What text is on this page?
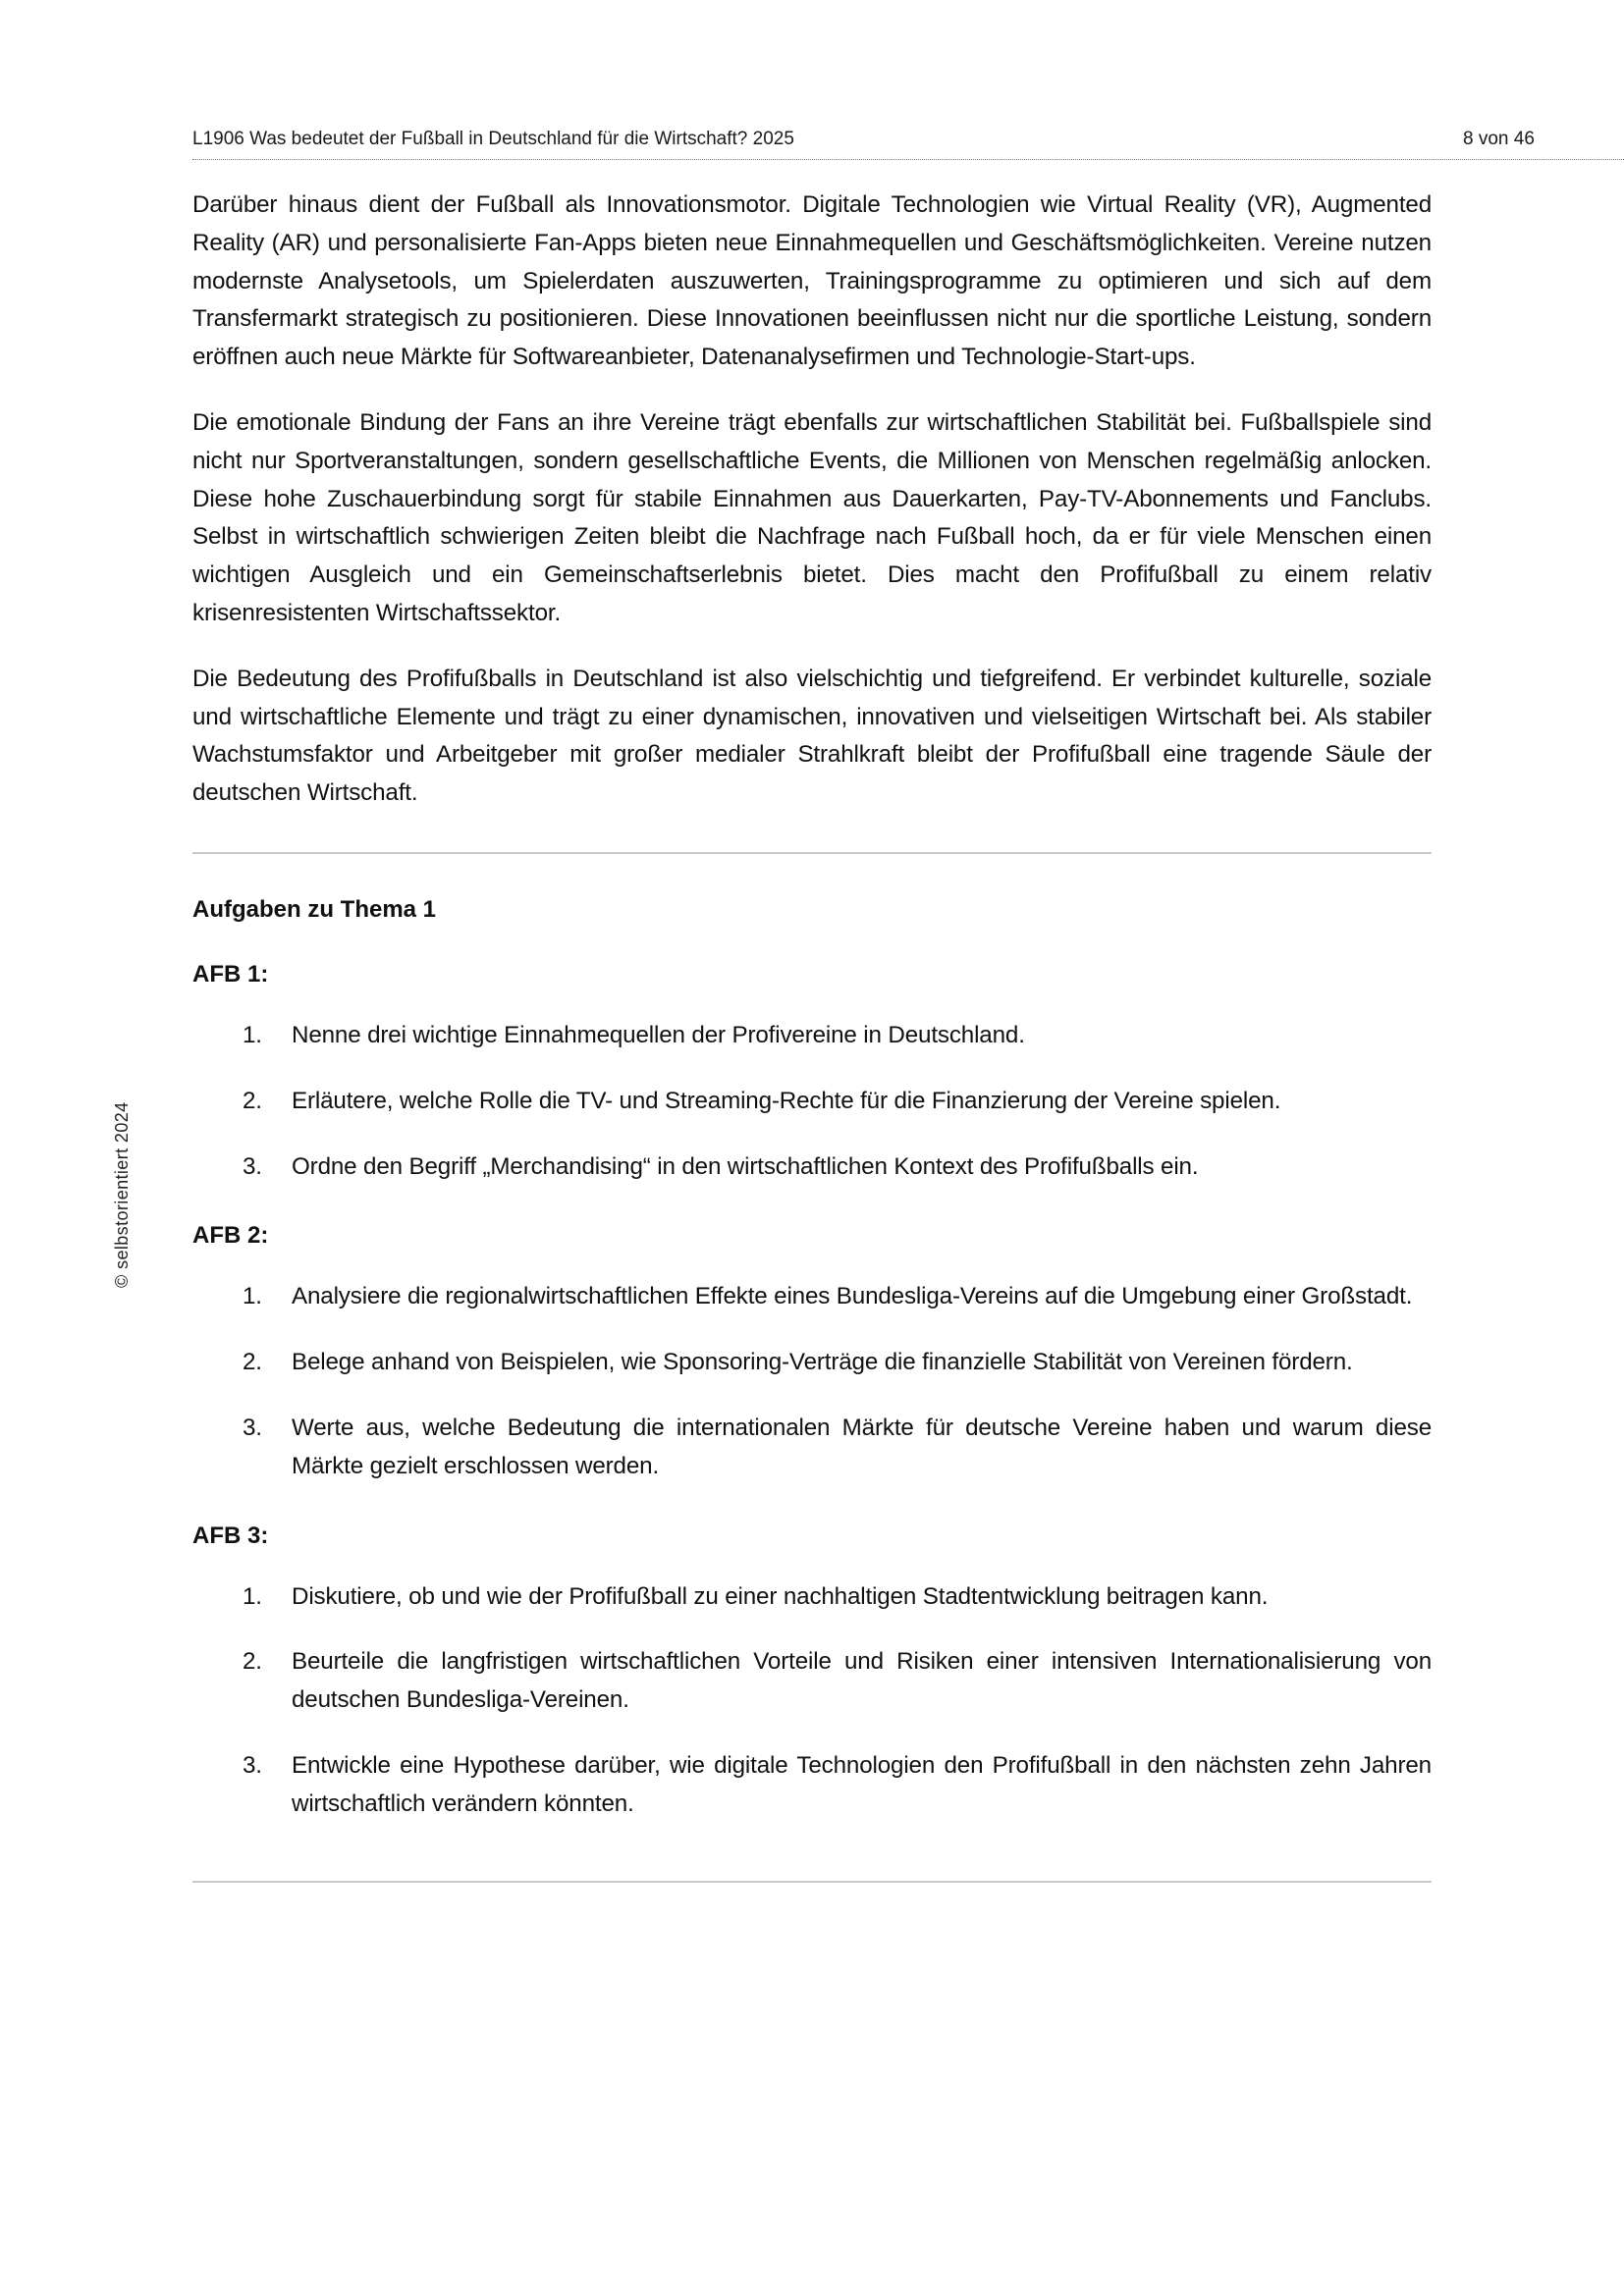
L1906 Was bedeutet der Fußball in Deutschland für die Wirtschaft? 2025	8 von 46
© selbstorientiert 2024

Darüber hinaus dient der Fußball als Innovationsmotor. Digitale Technologien wie Virtual Reality (VR), Augmented Reality (AR) und personalisierte Fan-Apps bieten neue Einnahmequellen und Geschäftsmöglichkeiten. Vereine nutzen modernste Analysetools, um Spielerdaten auszuwerten, Trainingsprogramme zu optimieren und sich auf dem Transfermarkt strategisch zu positionieren. Diese Innovationen beeinflussen nicht nur die sportliche Leistung, sondern eröffnen auch neue Märkte für Softwareanbieter, Datenanalysefirmen und Technologie-Start-ups.

Die emotionale Bindung der Fans an ihre Vereine trägt ebenfalls zur wirtschaftlichen Stabilität bei. Fußballspiele sind nicht nur Sportveranstaltungen, sondern gesellschaftliche Events, die Millionen von Menschen regelmäßig anlocken. Diese hohe Zuschauerbindung sorgt für stabile Einnahmen aus Dauerkarten, Pay-TV-Abonnements und Fanclubs. Selbst in wirtschaftlich schwierigen Zeiten bleibt die Nachfrage nach Fußball hoch, da er für viele Menschen einen wichtigen Ausgleich und ein Gemeinschaftserlebnis bietet. Dies macht den Profifußball zu einem relativ krisenresistenten Wirtschaftssektor.

Die Bedeutung des Profifußballs in Deutschland ist also vielschichtig und tiefgreifend. Er verbindet kulturelle, soziale und wirtschaftliche Elemente und trägt zu einer dynamischen, innovativen und vielseitigen Wirtschaft bei. Als stabiler Wachstumsfaktor und Arbeitgeber mit großer medialer Strahlkraft bleibt der Profifußball eine tragende Säule der deutschen Wirtschaft.

Aufgaben zu Thema 1
AFB 1:
1. Nenne drei wichtige Einnahmequellen der Profivereine in Deutschland.
2. Erläutere, welche Rolle die TV- und Streaming-Rechte für die Finanzierung der Vereine spielen.
3. Ordne den Begriff „Merchandising“ in den wirtschaftlichen Kontext des Profifußballs ein.
AFB 2:
1. Analysiere die regionalwirtschaftlichen Effekte eines Bundesliga-Vereins auf die Umgebung einer Großstadt.
2. Belege anhand von Beispielen, wie Sponsoring-Verträge die finanzielle Stabilität von Vereinen fördern.
3. Werte aus, welche Bedeutung die internationalen Märkte für deutsche Vereine haben und warum diese Märkte gezielt erschlossen werden.
AFB 3:
1. Diskutiere, ob und wie der Profifußball zu einer nachhaltigen Stadtentwicklung beitragen kann.
2. Beurteile die langfristigen wirtschaftlichen Vorteile und Risiken einer intensiven Internationalisierung von deutschen Bundesliga-Vereinen.
3. Entwickle eine Hypothese darüber, wie digitale Technologien den Profifußball in den nächsten zehn Jahren wirtschaftlich verändern könnten.
